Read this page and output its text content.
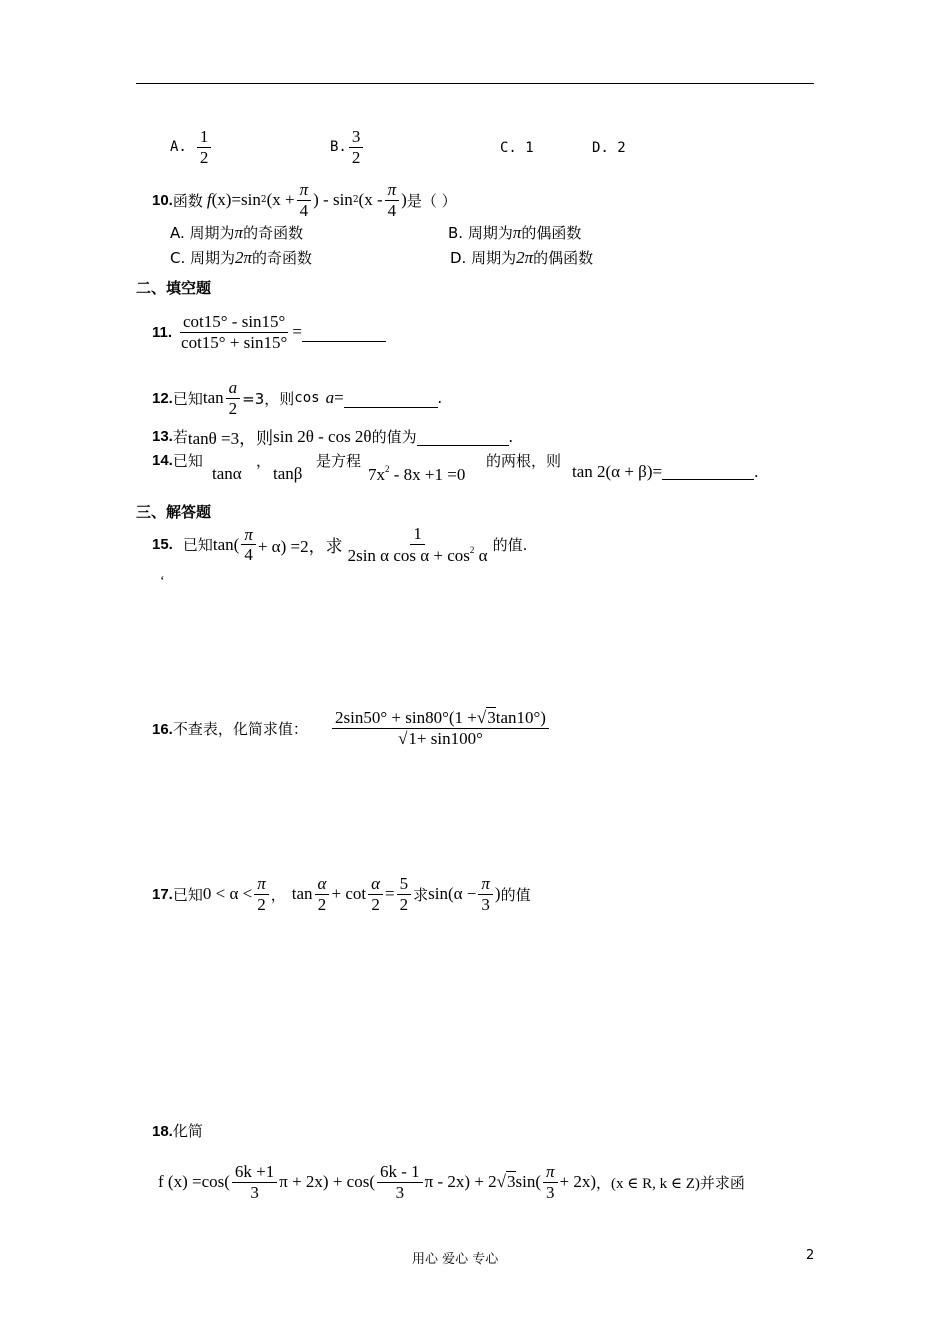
A. $\frac{1}{2}$	B. $\frac{3}{2}$	C. 1	D. 2
10. 函数 f (x) =sin 2 ($x + \frac{\pi}{4}$ ) - sin 2 ($x - \frac{\pi}{4}$ ) 是（ ）
A. 周期为π的奇函数	B. 周期为π的偶函数
C. 周期为2π的奇函数	D. 周期为2π的偶函数
二、填空题
11. $\frac{\cot 15^\circ - \sin 15^\circ}{\cot 15^\circ + \sin 15^\circ}$ =
12. 已知 $\tan \frac{a}{2} =3$，则 cos a =	.
13. 若 tanθ =3，则 sin 2θ - cos 2θ 的值为	.
14. 已知
tanα
，
tanβ
是方程
$7x^2 - 8x +1 =0$
的两根，则
tan 2(α + β) =	.
三、解答题
15. 已知 $\tan( \frac{\pi}{4} + \alpha) =2$，求 $\frac{1}{2\sin \alpha \cos \alpha + \cos^2 \alpha}$ 的值.
‘
16.不查表，化简求值： $\frac{2\sin 50^\circ + \sin 80^\circ(1 +√3\tan 10^\circ)}{√1+ \sin 100^\circ}$
17. 已知 $0 < \alpha < \frac{\pi}{2}$ ， $\tan \frac{\alpha}{2} + \cot \frac{\alpha}{2} = \frac{5}{2}$ 求 $\sin(\alpha - \frac{\pi}{3}$ ) 的值
18.化简
f $(x) =\cos( \frac{6k +1}{3}$ $\pi + 2x) + \cos( \frac{6k - 1}{3}$ π - 2x) + 2 √3 $\sin( \frac{\pi}{3} + 2x)$ ，(x ∈ R, k ∈ Z) 并求函
用心 爱心 专心	2
